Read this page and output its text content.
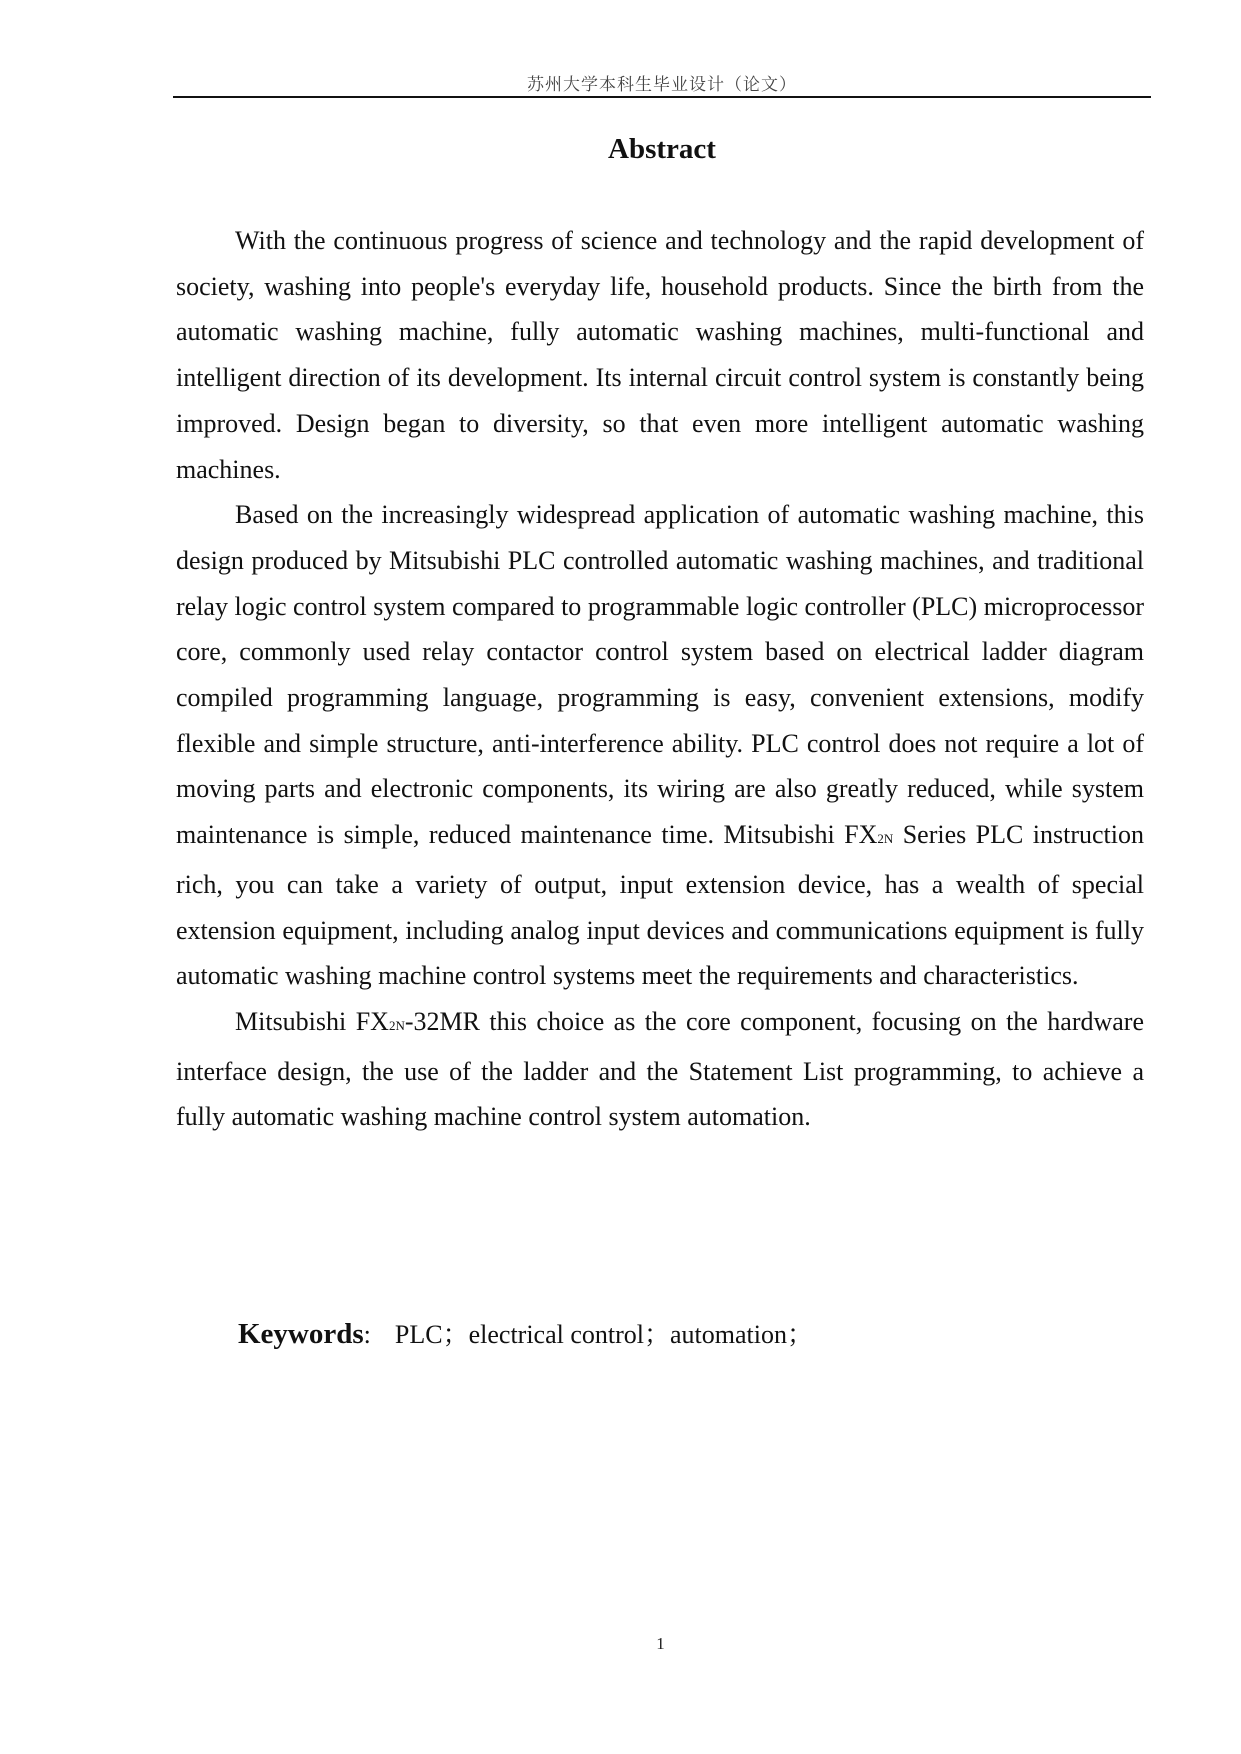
苏州大学本科生毕业设计（论文）
Abstract

With the continuous progress of science and technology and the rapid development of society, washing into people's everyday life, household products. Since the birth from the automatic washing machine, fully automatic washing machines, multi-functional and intelligent direction of its development. Its internal circuit control system is constantly being improved. Design began to diversity, so that even more intelligent automatic washing machines.

Based on the increasingly widespread application of automatic washing machine, this design produced by Mitsubishi PLC controlled automatic washing machines, and traditional relay logic control system compared to programmable logic controller (PLC) microprocessor core, commonly used relay contactor control system based on electrical ladder diagram compiled programming language, programming is easy, convenient extensions, modify flexible and simple structure, anti-interference ability. PLC control does not require a lot of moving parts and electronic components, its wiring are also greatly reduced, while system maintenance is simple, reduced maintenance time. Mitsubishi FX2N Series PLC instruction rich, you can take a variety of output, input extension device, has a wealth of special extension equipment, including analog input devices and communications equipment is fully automatic washing machine control systems meet the requirements and characteristics.

Mitsubishi FX2N-32MR this choice as the core component, focusing on the hardware interface design, the use of the ladder and the Statement List programming, to achieve a fully automatic washing machine control system automation.

Keywords: PLC；electrical control；automation；
1
